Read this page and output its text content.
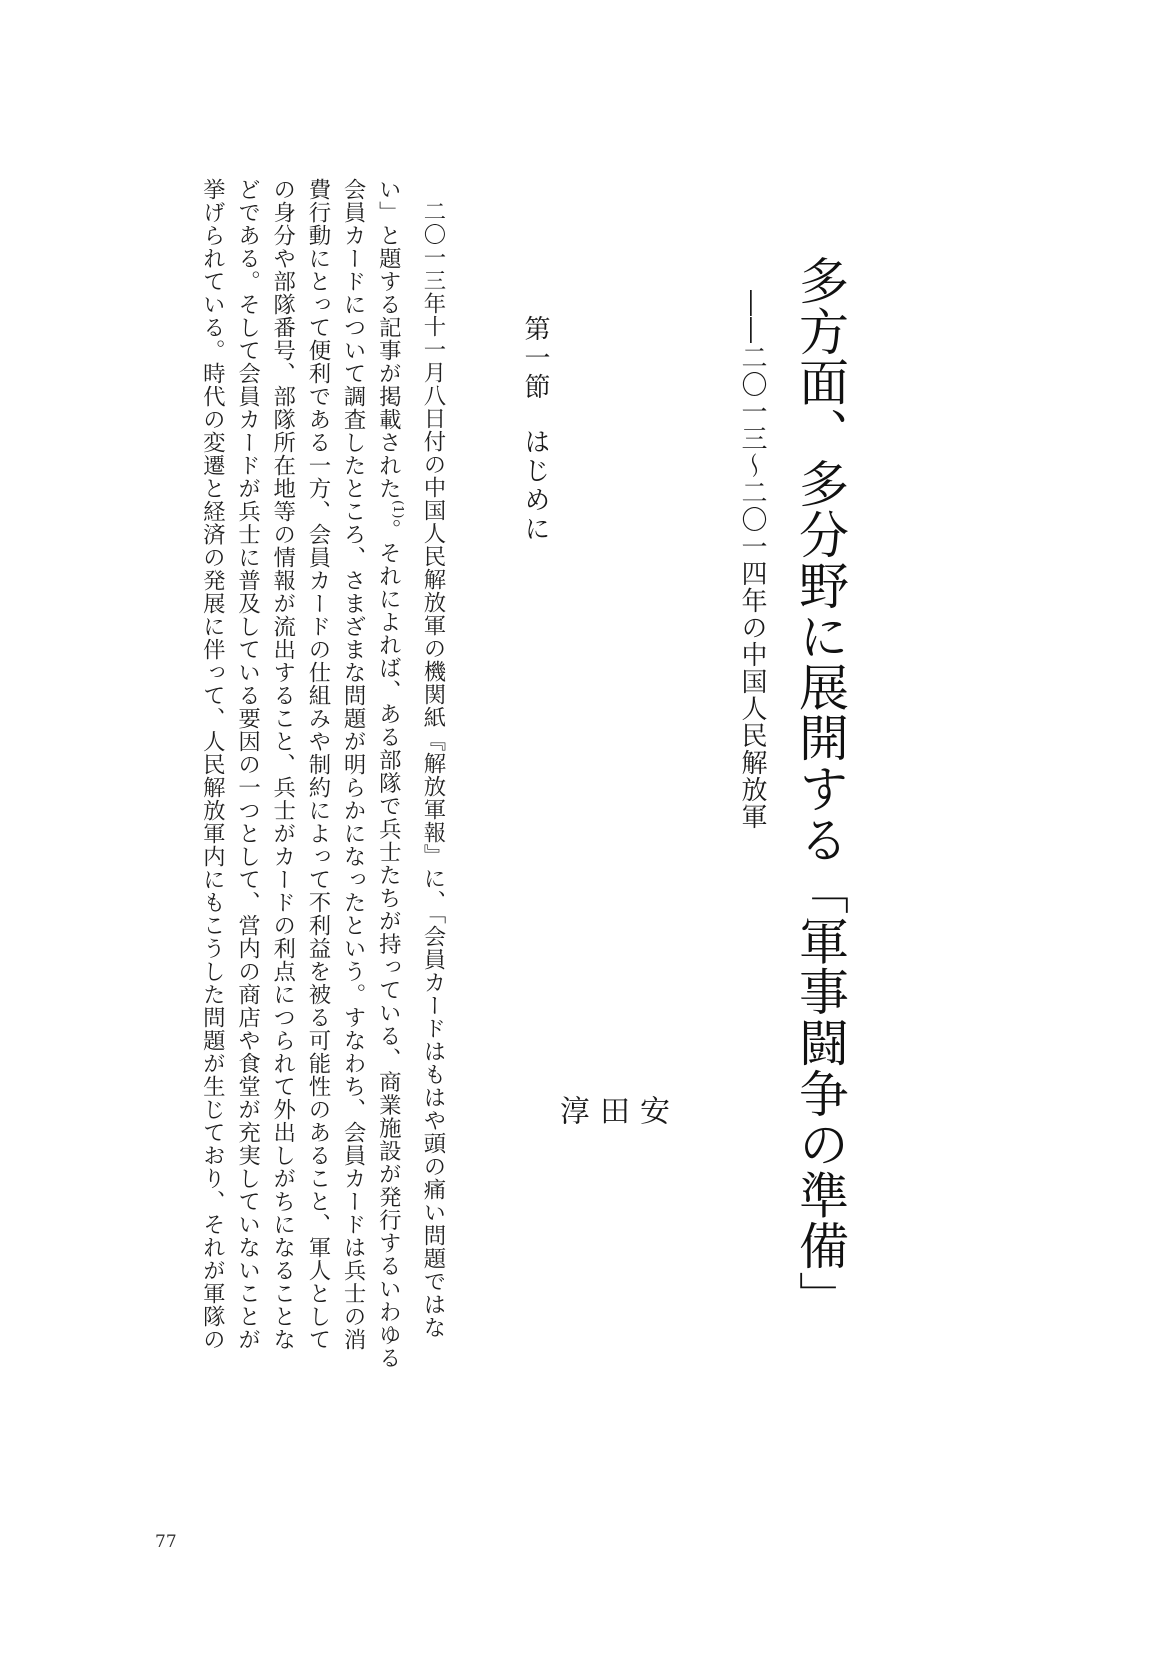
多方面、多分野に展開する「軍事闘争の準備」
――二〇一三〜二〇一四年の中国人民解放軍
安
田
淳
第一節はじめに
二〇一三年十一月八日付の中国人民解放軍の機関紙『解放軍報』に、「会員カードはもはや頭の痛い問題ではな
い」と題する記事が掲載された$^{(1)}$。それによれば、ある部隊で兵士たちが持っている、商業施設が発行するいわゆる
会員カードについて調査したところ、さまざまな問題が明らかになったという。すなわち、会員カードは兵士の消
費行動にとって便利である一方、会員カードの仕組みや制約によって不利益を被る可能性のあること、軍人として
の身分や部隊番号、部隊所在地等の情報が流出すること、兵士がカードの利点につられて外出しがちになることな
どである。そして会員カードが兵士に普及している要因の一つとして、営内の商店や食堂が充実していないことが
挙げられている。時代の変遷と経済の発展に伴って、人民解放軍内にもこうした問題が生じており、それが軍隊の
77
